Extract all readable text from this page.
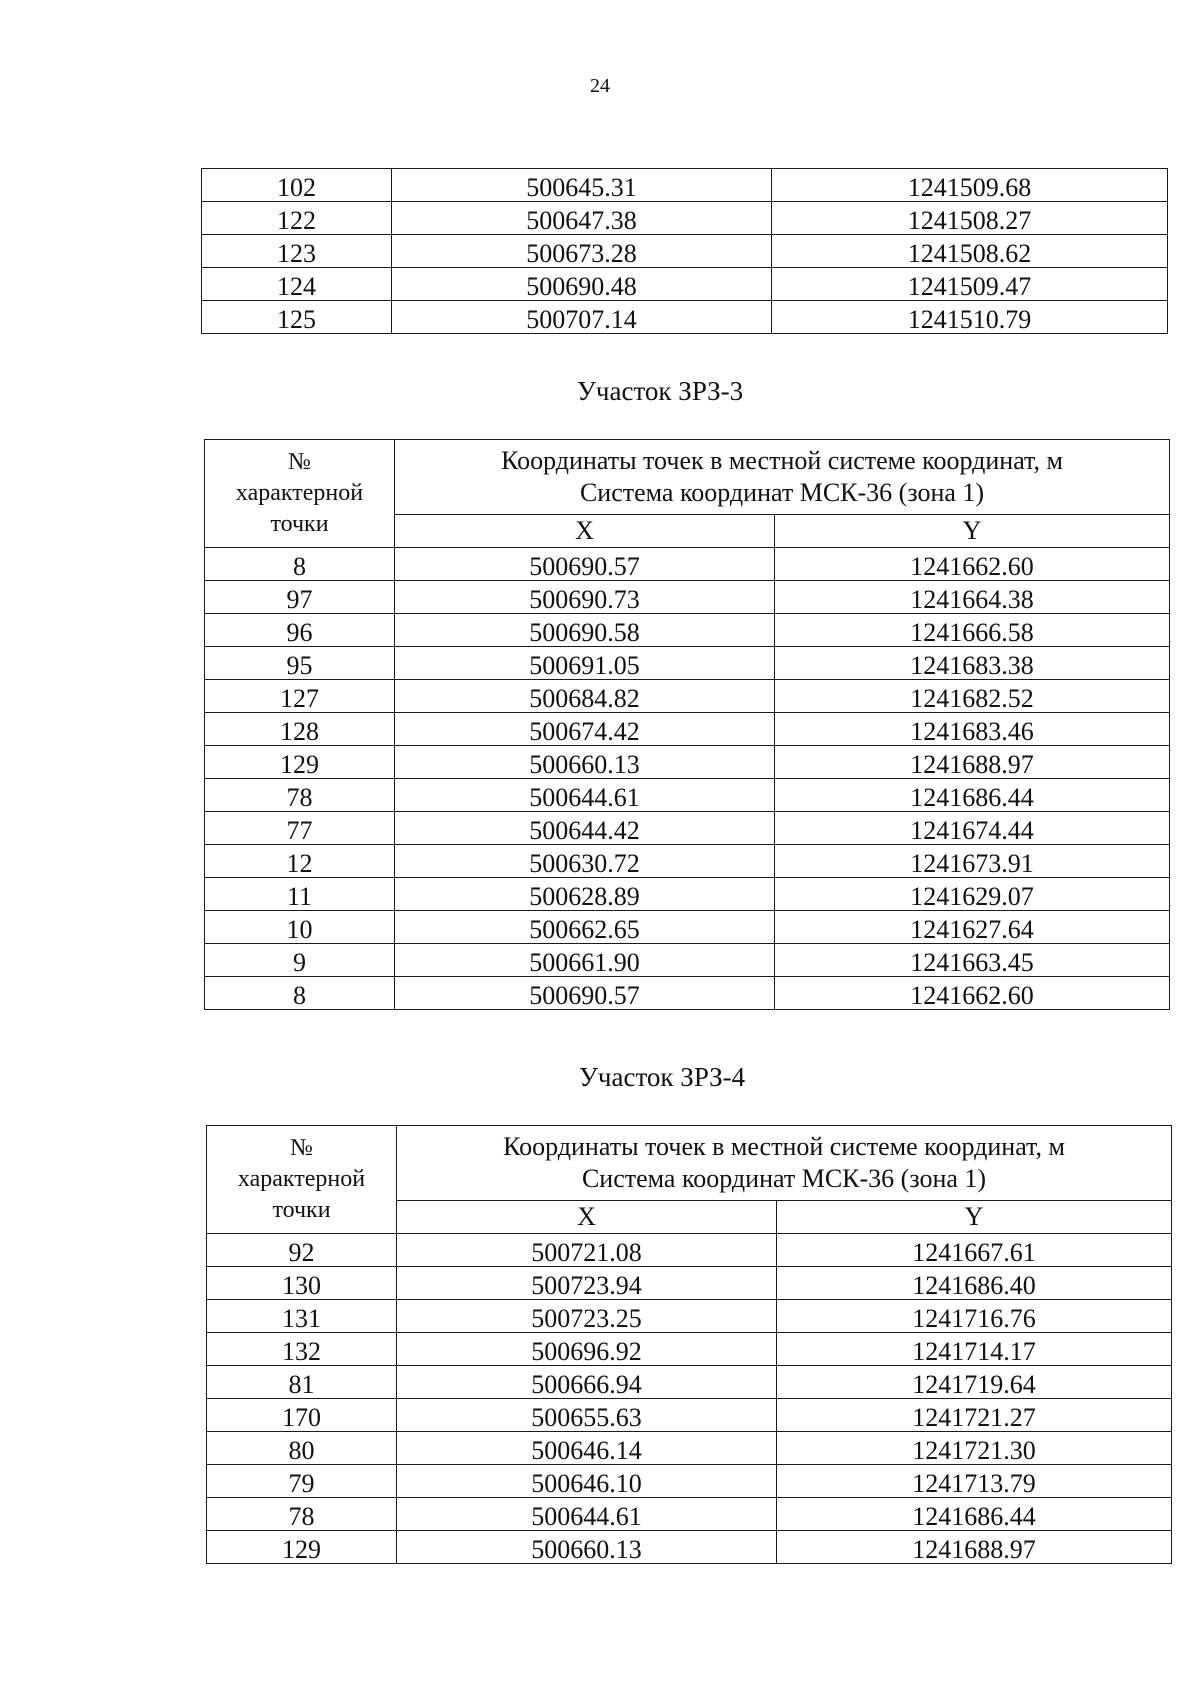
24
102	500645.31	1241509.68
122	500647.38	1241508.27
123	500673.28	1241508.62
124	500690.48	1241509.47
125	500707.14	1241510.79
Участок ЗРЗ-3
№
характерной
точки	Координаты точек в местной системе координат, м
Система координат МСК-36 (зона 1)	
	X	Y
8	500690.57	1241662.60
97	500690.73	1241664.38
96	500690.58	1241666.58
95	500691.05	1241683.38
127	500684.82	1241682.52
128	500674.42	1241683.46
129	500660.13	1241688.97
78	500644.61	1241686.44
77	500644.42	1241674.44
12	500630.72	1241673.91
11	500628.89	1241629.07
10	500662.65	1241627.64
9	500661.90	1241663.45
8	500690.57	1241662.60
Участок ЗРЗ-4
№
характерной
точки	Координаты точек в местной системе координат, м
Система координат МСК-36 (зона 1)	
	X	Y
92	500721.08	1241667.61
130	500723.94	1241686.40
131	500723.25	1241716.76
132	500696.92	1241714.17
81	500666.94	1241719.64
170	500655.63	1241721.27
80	500646.14	1241721.30
79	500646.10	1241713.79
78	500644.61	1241686.44
129	500660.13	1241688.97
